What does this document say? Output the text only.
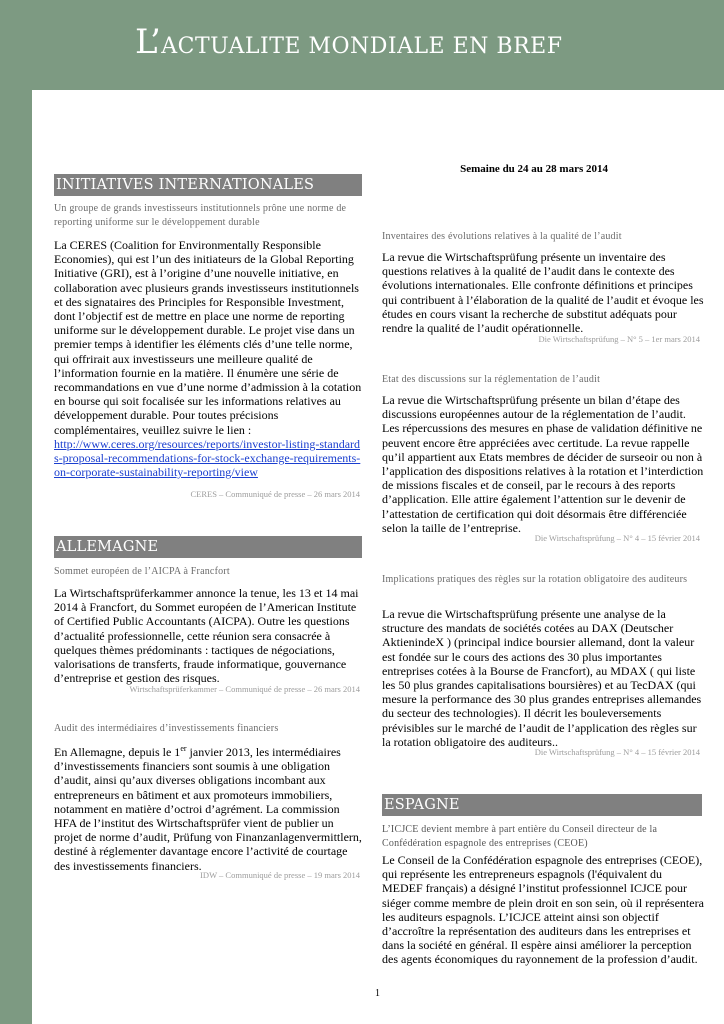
L’ACTUALITE MONDIALE EN BREF
Semaine du 24 au 28 mars 2014
INITIATIVES INTERNATIONALES
Un groupe de grands investisseurs institutionnels prône une norme de reporting uniforme sur le développement durable
La CERES (Coalition for Environmentally Responsible Economies), qui est l’un des initiateurs de la Global Reporting Initiative (GRI), est à l’origine d’une nouvelle initiative, en collaboration avec plusieurs grands investisseurs institutionnels et des signataires des Principles for Responsible Investment, dont l’objectif est de mettre en place une norme de reporting uniforme sur le développement durable. Le projet vise dans un premier temps à identifier les éléments clés d’une telle norme, qui offrirait aux investisseurs une meilleure qualité de l’information fournie en la matière. Il énumère une série de recommandations en vue d’une norme d’admission à la cotation en bourse qui soit focalisée sur les informations relatives au développement durable. Pour toutes précisions complémentaires, veuillez suivre le lien :
http://www.ceres.org/resources/reports/investor-listing-standards-proposal-recommendations-for-stock-exchange-requirements-on-corporate-sustainability-reporting/view
CERES – Communiqué de presse – 26 mars 2014
ALLEMAGNE
Sommet européen de l’AICPA à Francfort
La Wirtschaftsprüferkammer annonce la tenue, les 13 et 14 mai 2014 à Francfort, du Sommet européen de l’American Institute of Certified Public Accountants (AICPA). Outre les questions d’actualité professionnelle, cette réunion sera consacrée à quelques thèmes prédominants : tactiques de négociations, valorisations de transferts, fraude informatique, gouvernance d’entreprise et gestion des risques.
Wirtschaftsprüferkammer – Communiqué de presse – 26 mars 2014
Audit des intermédiaires d’investissements financiers
En Allemagne, depuis le 1er janvier 2013, les intermédiaires d’investissements financiers sont soumis à une obligation d’audit, ainsi qu’aux diverses obligations incombant aux entrepreneurs en bâtiment et aux promoteurs immobiliers, notamment en matière d’octroi d’agrément. La commission HFA de l’institut des Wirtschaftsprüfer vient de publier un projet de norme d’audit, Prüfung von Finanzanlagenvermittlern, destiné à réglementer davantage encore l’activité de courtage des investissements financiers.
IDW – Communiqué de presse – 19 mars 2014
Inventaires des évolutions relatives à la qualité de l’audit
La revue die Wirtschaftsprüfung présente un inventaire des questions relatives à la qualité de l’audit dans le contexte des évolutions internationales. Elle confronte définitions et principes qui contribuent à l’élaboration de la qualité de l’audit et évoque les études en cours visant la recherche de substitut adéquats pour rendre la qualité de l’audit opérationnelle.
Die Wirtschaftsprüfung – N° 5 – 1er mars 2014
Etat des discussions sur la réglementation de l’audit
La revue die Wirtschaftsprüfung présente un bilan d’étape des discussions européennes autour de la réglementation de l’audit. Les répercussions des mesures en phase de validation définitive ne peuvent encore être appréciées avec certitude. La revue rappelle qu’il appartient aux Etats membres de décider de surseoir ou non à l’application des dispositions relatives à la rotation et l’interdiction de missions fiscales et de conseil, par le recours à des reports d’application. Elle attire également l’attention sur le devenir de l’attestation de certification qui doit désormais être différenciée selon la taille de l’entreprise.
Die Wirtschaftsprüfung – N° 4 – 15 février 2014
Implications pratiques des règles sur la rotation obligatoire des auditeurs
La revue die Wirtschaftsprüfung présente une analyse de la structure des mandats de sociétés cotées au DAX (Deutscher AktienindeX ) (principal indice boursier allemand, dont la valeur est fondée sur le cours des actions des 30 plus importantes entreprises cotées à la Bourse de Francfort), au MDAX ( qui liste les 50 plus grandes capitalisations boursières) et au TecDAX (qui mesure la performance des 30 plus grandes entreprises allemandes du secteur des technologies). Il décrit les bouleversements prévisibles sur le marché de l’audit de l’application des règles sur la rotation obligatoire des auditeurs..
Die Wirtschaftsprüfung – N° 4 – 15 février 2014
ESPAGNE
L’ICJCE devient membre à part entière du Conseil directeur de la Confédération espagnole des entreprises (CEOE)
Le Conseil de la Confédération espagnole des entreprises (CEOE), qui représente les entrepreneurs espagnols (l'équivalent du MEDEF français) a désigné l’institut professionnel ICJCE pour siéger comme membre de plein droit en son sein, où il représentera les auditeurs espagnols. L’ICJCE atteint ainsi son objectif d’accroître la représentation des auditeurs dans les entreprises et dans la société en général. Il espère ainsi améliorer la perception des agents économiques du rayonnement de la profession d’audit.
1
